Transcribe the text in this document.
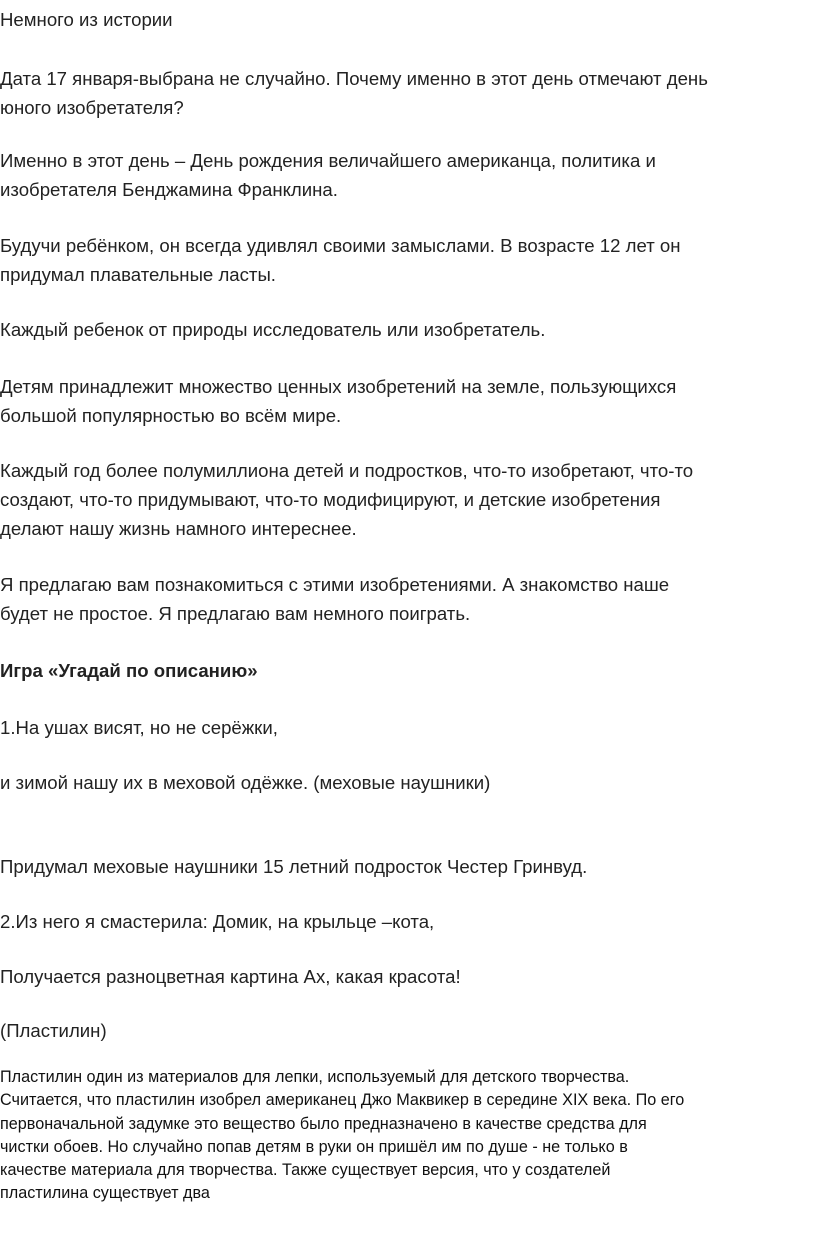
Немного из истории

Дата 17 января-выбрана не случайно. Почему именно в этот день отмечают день
юного изобретателя?

Именно в этот день – День рождения величайшего американца, политика и
изобретателя Бенджамина Франклина.

Будучи ребёнком, он всегда удивлял своими замыслами. В возрасте 12 лет он
придумал плавательные ласты.

Каждый ребенок от природы исследователь или изобретатель.

Детям принадлежит множество ценных изобретений на земле, пользующихся
большой популярностью во всём мире.

Каждый год более полумиллиона детей и подростков, что-то изобретают, что-то
создают, что-то придумывают, что-то модифицируют, и детские изобретения
делают нашу жизнь намного интереснее.

Я предлагаю вам познакомиться с этими изобретениями. А знакомство наше
будет не простое. Я предлагаю вам немного поиграть.

Игра «Угадай по описанию»

1.На ушах висят, но не серёжки,

и зимой нашу их в меховой одёжке. (меховые наушники)

Придумал меховые наушники 15 летний подросток Честер Гринвуд.

2.Из него я смастерила: Домик, на крыльце –кота,

Получается разноцветная картина Ах, какая красота!

(Пластилин)

Пластилин один из материалов для лепки, используемый для детского творчества.
Считается, что пластилин изобрел американец Джо Маквикер в середине XIX века. По его
первоначальной задумке это вещество было предназначено в качестве средства для
чистки обоев. Но случайно попав детям в руки он пришёл им по душе - не только в
качестве материала для творчества. Также существует версия, что у создателей
пластилина существует два
